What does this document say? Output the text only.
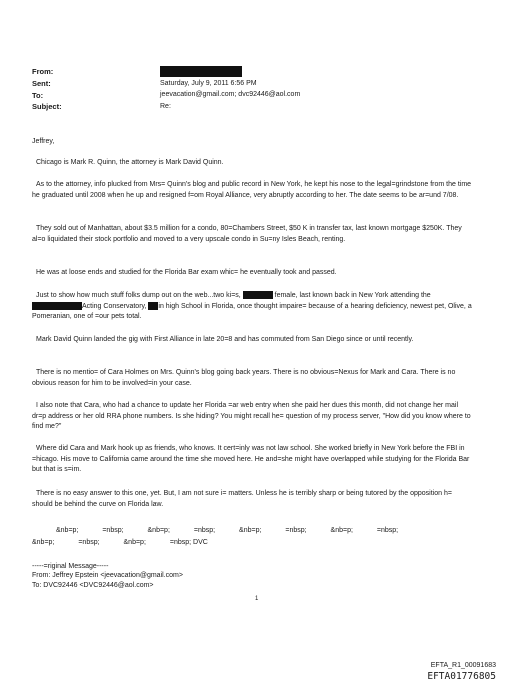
From:
Sent:	Saturday, July 9, 2011 6:56 PM
To:	jeevacation@gmail.com; dvc92446@aol.com
Subject:	Re:
Jeffrey,
Chicago is Mark R. Quinn, the attorney is Mark David Quinn.
As to the attorney, info plucked from Mrs= Quinn's blog and public record in New York, he kept his nose to the legal=grindstone from the time he graduated until 2008 when he up and resigned f=om Royal Alliance, very abruptly according to her. The date seems to be ar=und 7/08.
They sold out of Manhattan, about $3.5 million for a condo, 80=Chambers Street, $50 K in transfer tax, last known mortgage $250K. They al=o liquidated their stock portfolio and moved to a very upscale condo in Su=ny Isles Beach, renting.
He was at loose ends and studied for the Florida Bar exam whic= he eventually took and passed.
Just to show how much stuff folks dump out on the web...two ki=s,	female, last known back in New York attending the Acting Conservatory, in high School in Florida, once thought impaire= because of a hearing deficiency, newest pet, Olive, a Pomeranian, one of =our pets total.
Mark David Quinn landed the gig with First Alliance in late 20=8 and has commuted from San Diego since or until recently.
There is no mentio= of Cara Holmes on Mrs. Quinn's blog going back years. There is no obvious=Nexus for Mark and Cara. There is no obvious reason for him to be involved=in your case.
I also note that Cara, who had a chance to update her Florida =ar web entry when she paid her dues this month, did not change her mail dr=p address or her old RRA phone numbers. Is she hiding? You might recall he= question of my process server, "How did you know where to find me?"
Where did Cara and Mark hook up as friends, who knows. It cert=inly was not law school. She worked briefly in New York before the FBI in =hicago. His move to California came around the time she moved here. He and=she might have overlapped while studying for the Florida Bar but that is s=im.
There is no easy answer to this one, yet. But, I am not sure i= matters. Unless he is terribly sharp or being tutored by the opposition h= should be behind the curve on Florida law.
&nb=p;	=nbsp;	&nb=p;	=nbsp;	&nb=p;	=nbsp;	&nb=p;	=nbsp;
&nb=p;	=nbsp;	&nb=p;	=nbsp; DVC
-----=riginal Message-----
From: Jeffrey Epstein <jeevacation@gmail.com>
To: DVC92446 <DVC92446@aol.com>
1
EFTA_R1_00091683
EFTA01776805
